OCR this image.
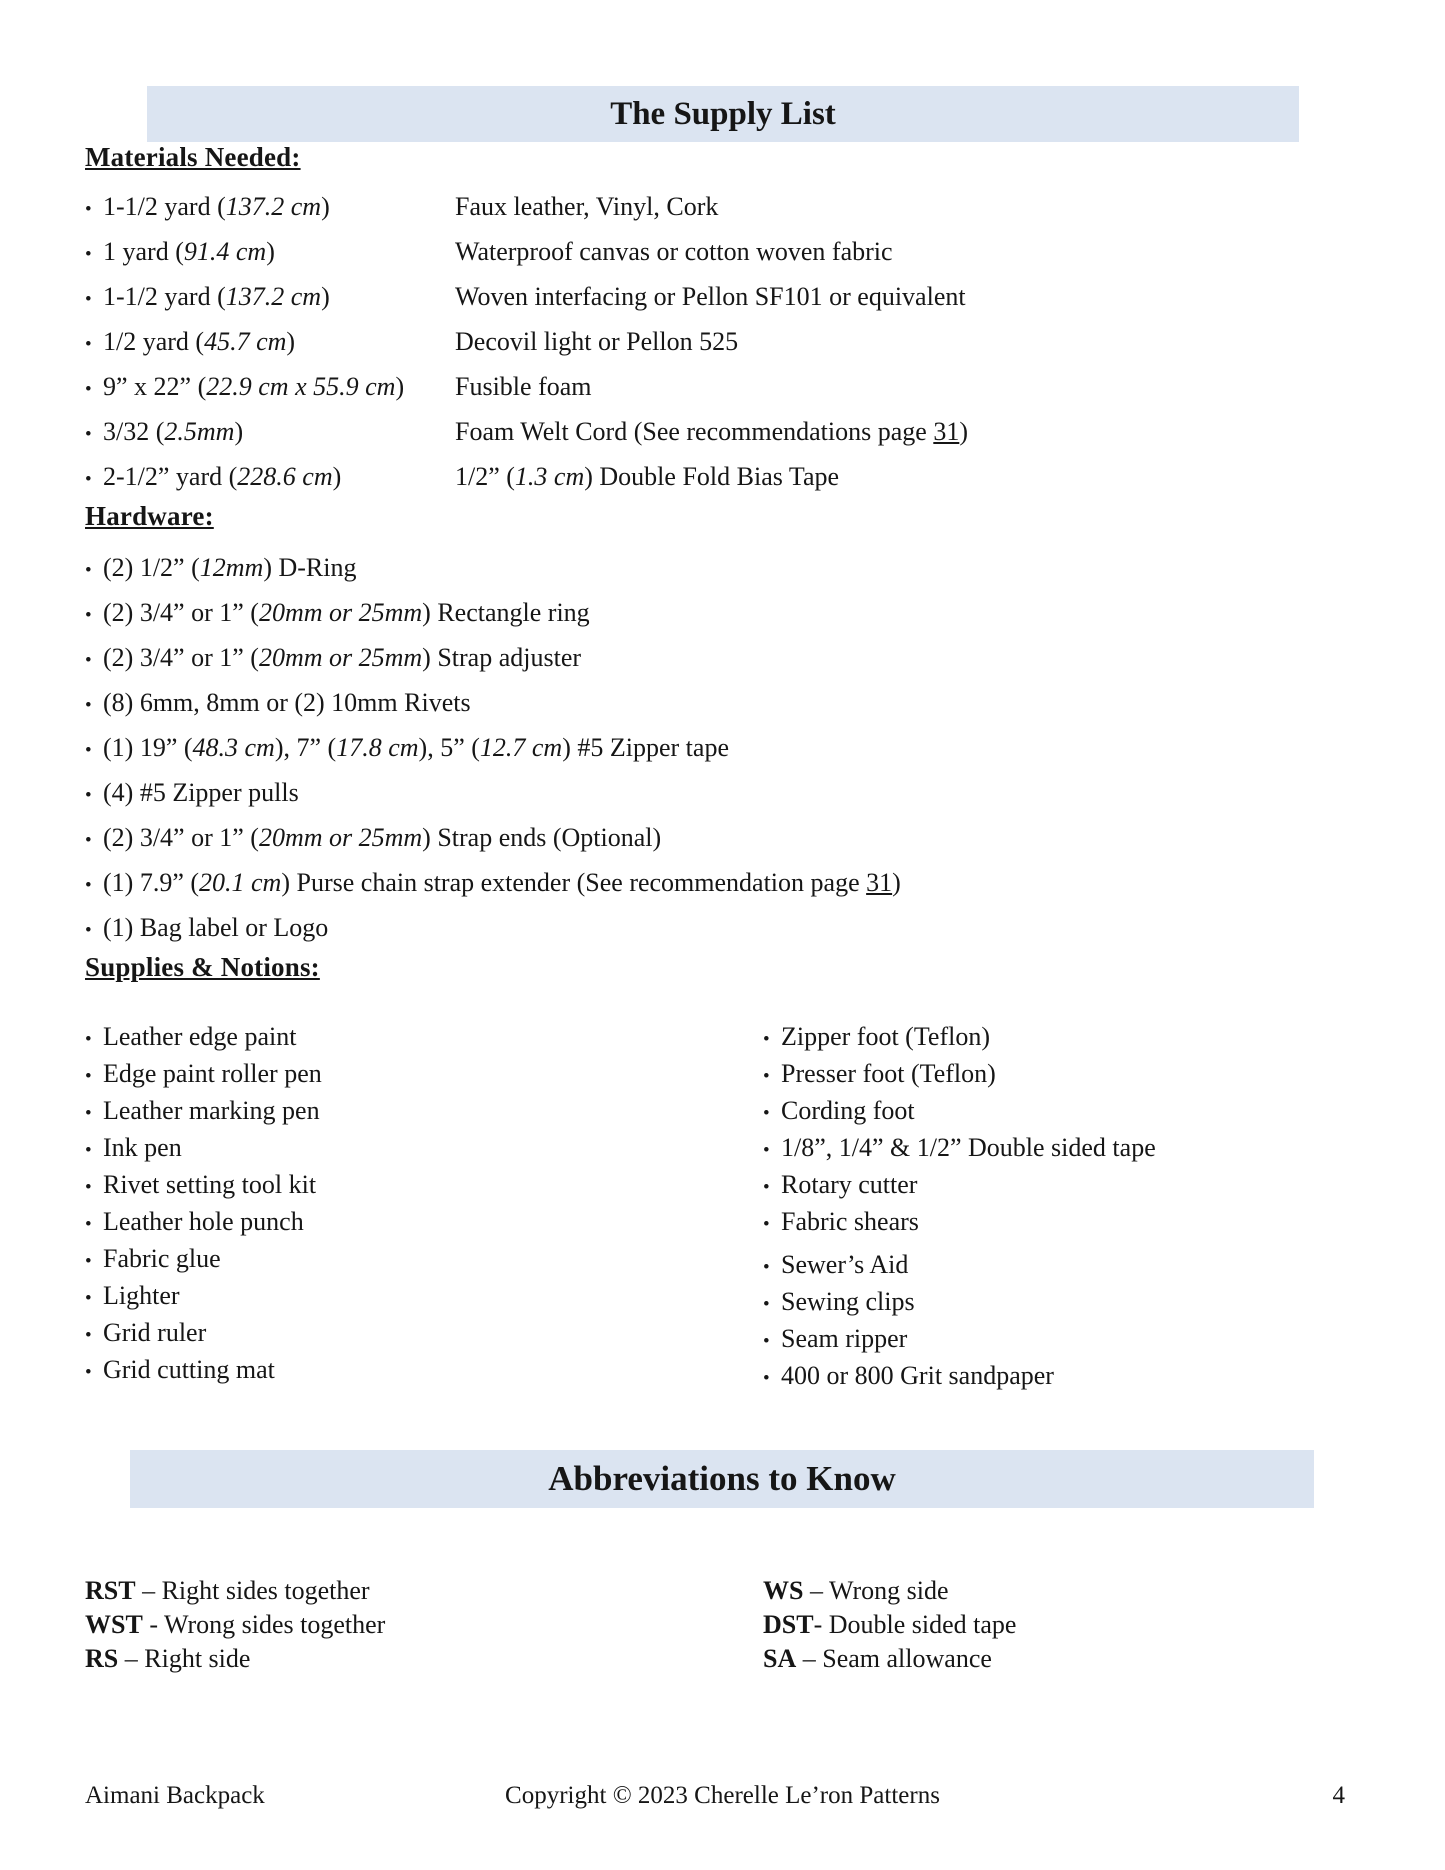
The Supply List
Materials Needed:
• 1-1/2 yard (137.2 cm)	Faux leather, Vinyl, Cork
• 1 yard (91.4 cm)	Waterproof canvas or cotton woven fabric
• 1-1/2 yard (137.2 cm)	Woven interfacing or Pellon SF101 or equivalent
• 1/2 yard (45.7 cm)	Decovil light or Pellon 525
• 9” x 22” (22.9 cm x 55.9 cm)	Fusible foam
• 3/32 (2.5mm)	Foam Welt Cord (See recommendations page 31)
• 2-1/2” yard (228.6 cm)	1/2” (1.3 cm) Double Fold Bias Tape
Hardware:
• (2) 1/2” (12mm) D-Ring
• (2) 3/4” or 1” (20mm or 25mm) Rectangle ring
• (2) 3/4” or 1” (20mm or 25mm) Strap adjuster
• (8) 6mm, 8mm or (2) 10mm Rivets
• (1) 19” (48.3 cm), 7” (17.8 cm), 5” (12.7 cm) #5 Zipper tape
• (4) #5 Zipper pulls
• (2) 3/4” or 1” (20mm or 25mm) Strap ends (Optional)
• (1) 7.9” (20.1 cm) Purse chain strap extender (See recommendation page 31)
• (1) Bag label or Logo
Supplies & Notions:
• Leather edge paint
• Edge paint roller pen
• Leather marking pen
• Ink pen
• Rivet setting tool kit
• Leather hole punch
• Fabric glue
• Lighter
• Grid ruler
• Grid cutting mat
• Zipper foot (Teflon)
• Presser foot (Teflon)
• Cording foot
• 1/8”, 1/4” & 1/2” Double sided tape
• Rotary cutter
• Fabric shears
• Sewer’s Aid
• Sewing clips
• Seam ripper
• 400 or 800 Grit sandpaper
Abbreviations to Know
RST – Right sides together
WST - Wrong sides together
RS – Right side
WS – Wrong side
DST- Double sided tape
SA – Seam allowance
Aimani Backpack	Copyright © 2023 Cherelle Le’ron Patterns	4
